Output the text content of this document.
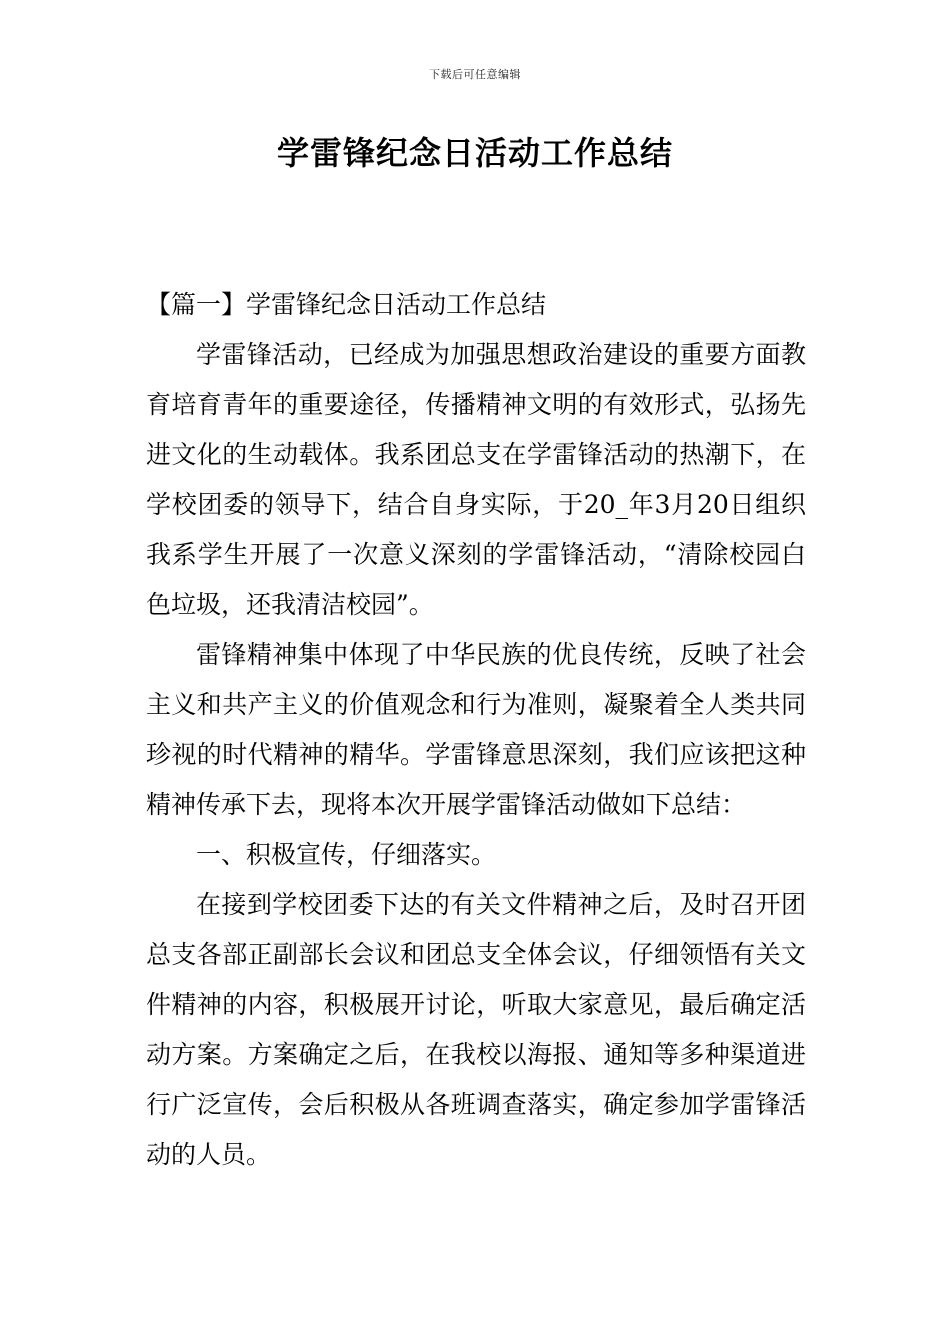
下载后可任意编辑
学雷锋纪念日活动工作总结

【篇一】学雷锋纪念日活动工作总结

学雷锋活动，已经成为加强思想政治建设的重要方面教育培育青年的重要途径，传播精神文明的有效形式，弘扬先进文化的生动载体。我系团总支在学雷锋活动的热潮下，在学校团委的领导下，结合自身实际，于20_年3月20日组织我系学生开展了一次意义深刻的学雷锋活动，“清除校园白色垃圾，还我清洁校园”。

雷锋精神集中体现了中华民族的优良传统，反映了社会主义和共产主义的价值观念和行为准则，凝聚着全人类共同珍视的时代精神的精华。学雷锋意思深刻，我们应该把这种精神传承下去，现将本次开展学雷锋活动做如下总结：

一、积极宣传，仔细落实。

在接到学校团委下达的有关文件精神之后，及时召开团总支各部正副部长会议和团总支全体会议，仔细领悟有关文件精神的内容，积极展开讨论，听取大家意见，最后确定活动方案。方案确定之后，在我校以海报、通知等多种渠道进行广泛宣传，会后积极从各班调查落实，确定参加学雷锋活动的人员。
